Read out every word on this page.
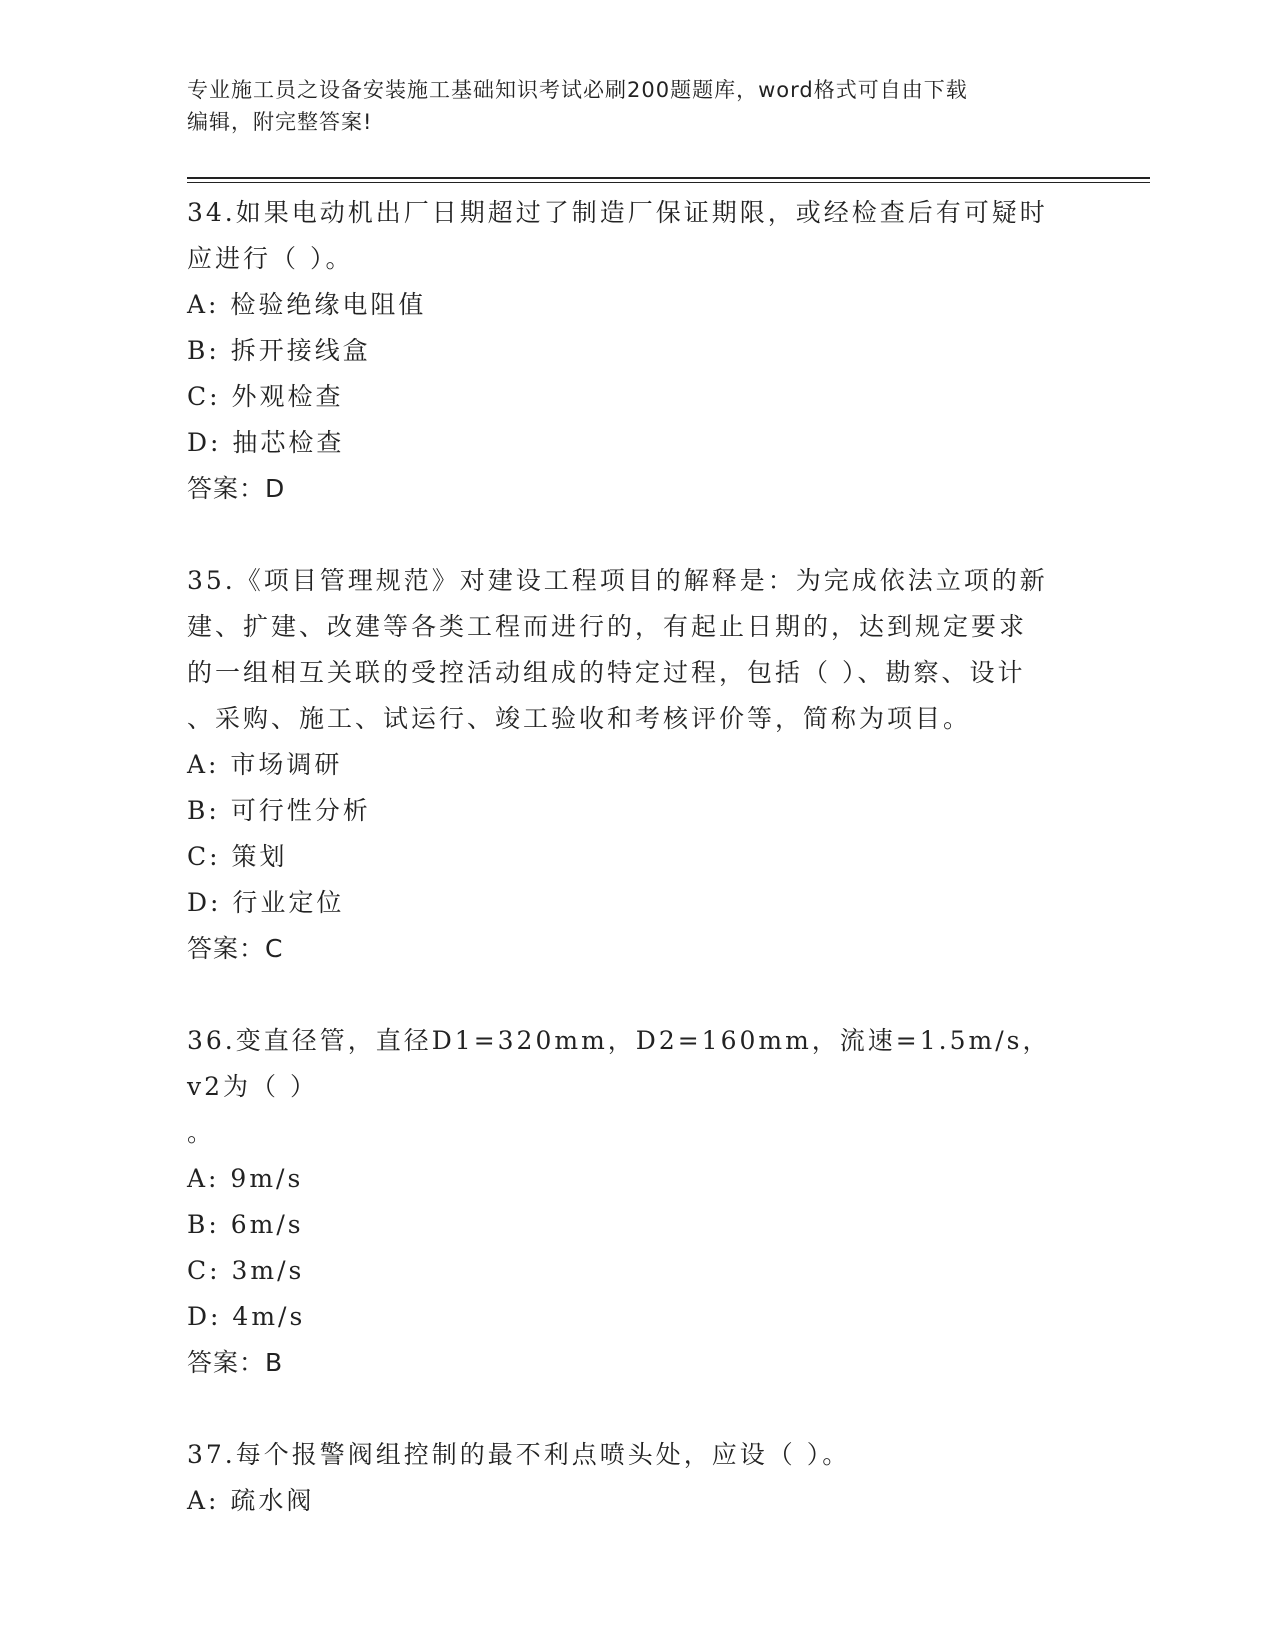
专业施工员之设备安装施工基础知识考试必刷200题题库，word格式可自由下载
编辑，附完整答案!

34.如果电动机出厂日期超过了制造厂保证期限，或经检查后有可疑时

应进行（ ）。

A: 检验绝缘电阻值

B: 拆开接线盒

C: 外观检查

D: 抽芯检查

答案：D

35.《项目管理规范》对建设工程项目的解释是：为完成依法立项的新

建、扩建、改建等各类工程而进行的，有起止日期的，达到规定要求

的一组相互关联的受控活动组成的特定过程，包括（ ）、勘察、设计

、采购、施工、试运行、竣工验收和考核评价等，简称为项目。

A: 市场调研

B: 可行性分析

C: 策划

D: 行业定位

答案：C

36.变直径管，直径D1=320mm，D2=160mm，流速=1.5m/s，v2为（ ）

。

A: 9m/s

B: 6m/s

C: 3m/s

D: 4m/s

答案：B

37.每个报警阀组控制的最不利点喷头处，应设（ ）。

A: 疏水阀
